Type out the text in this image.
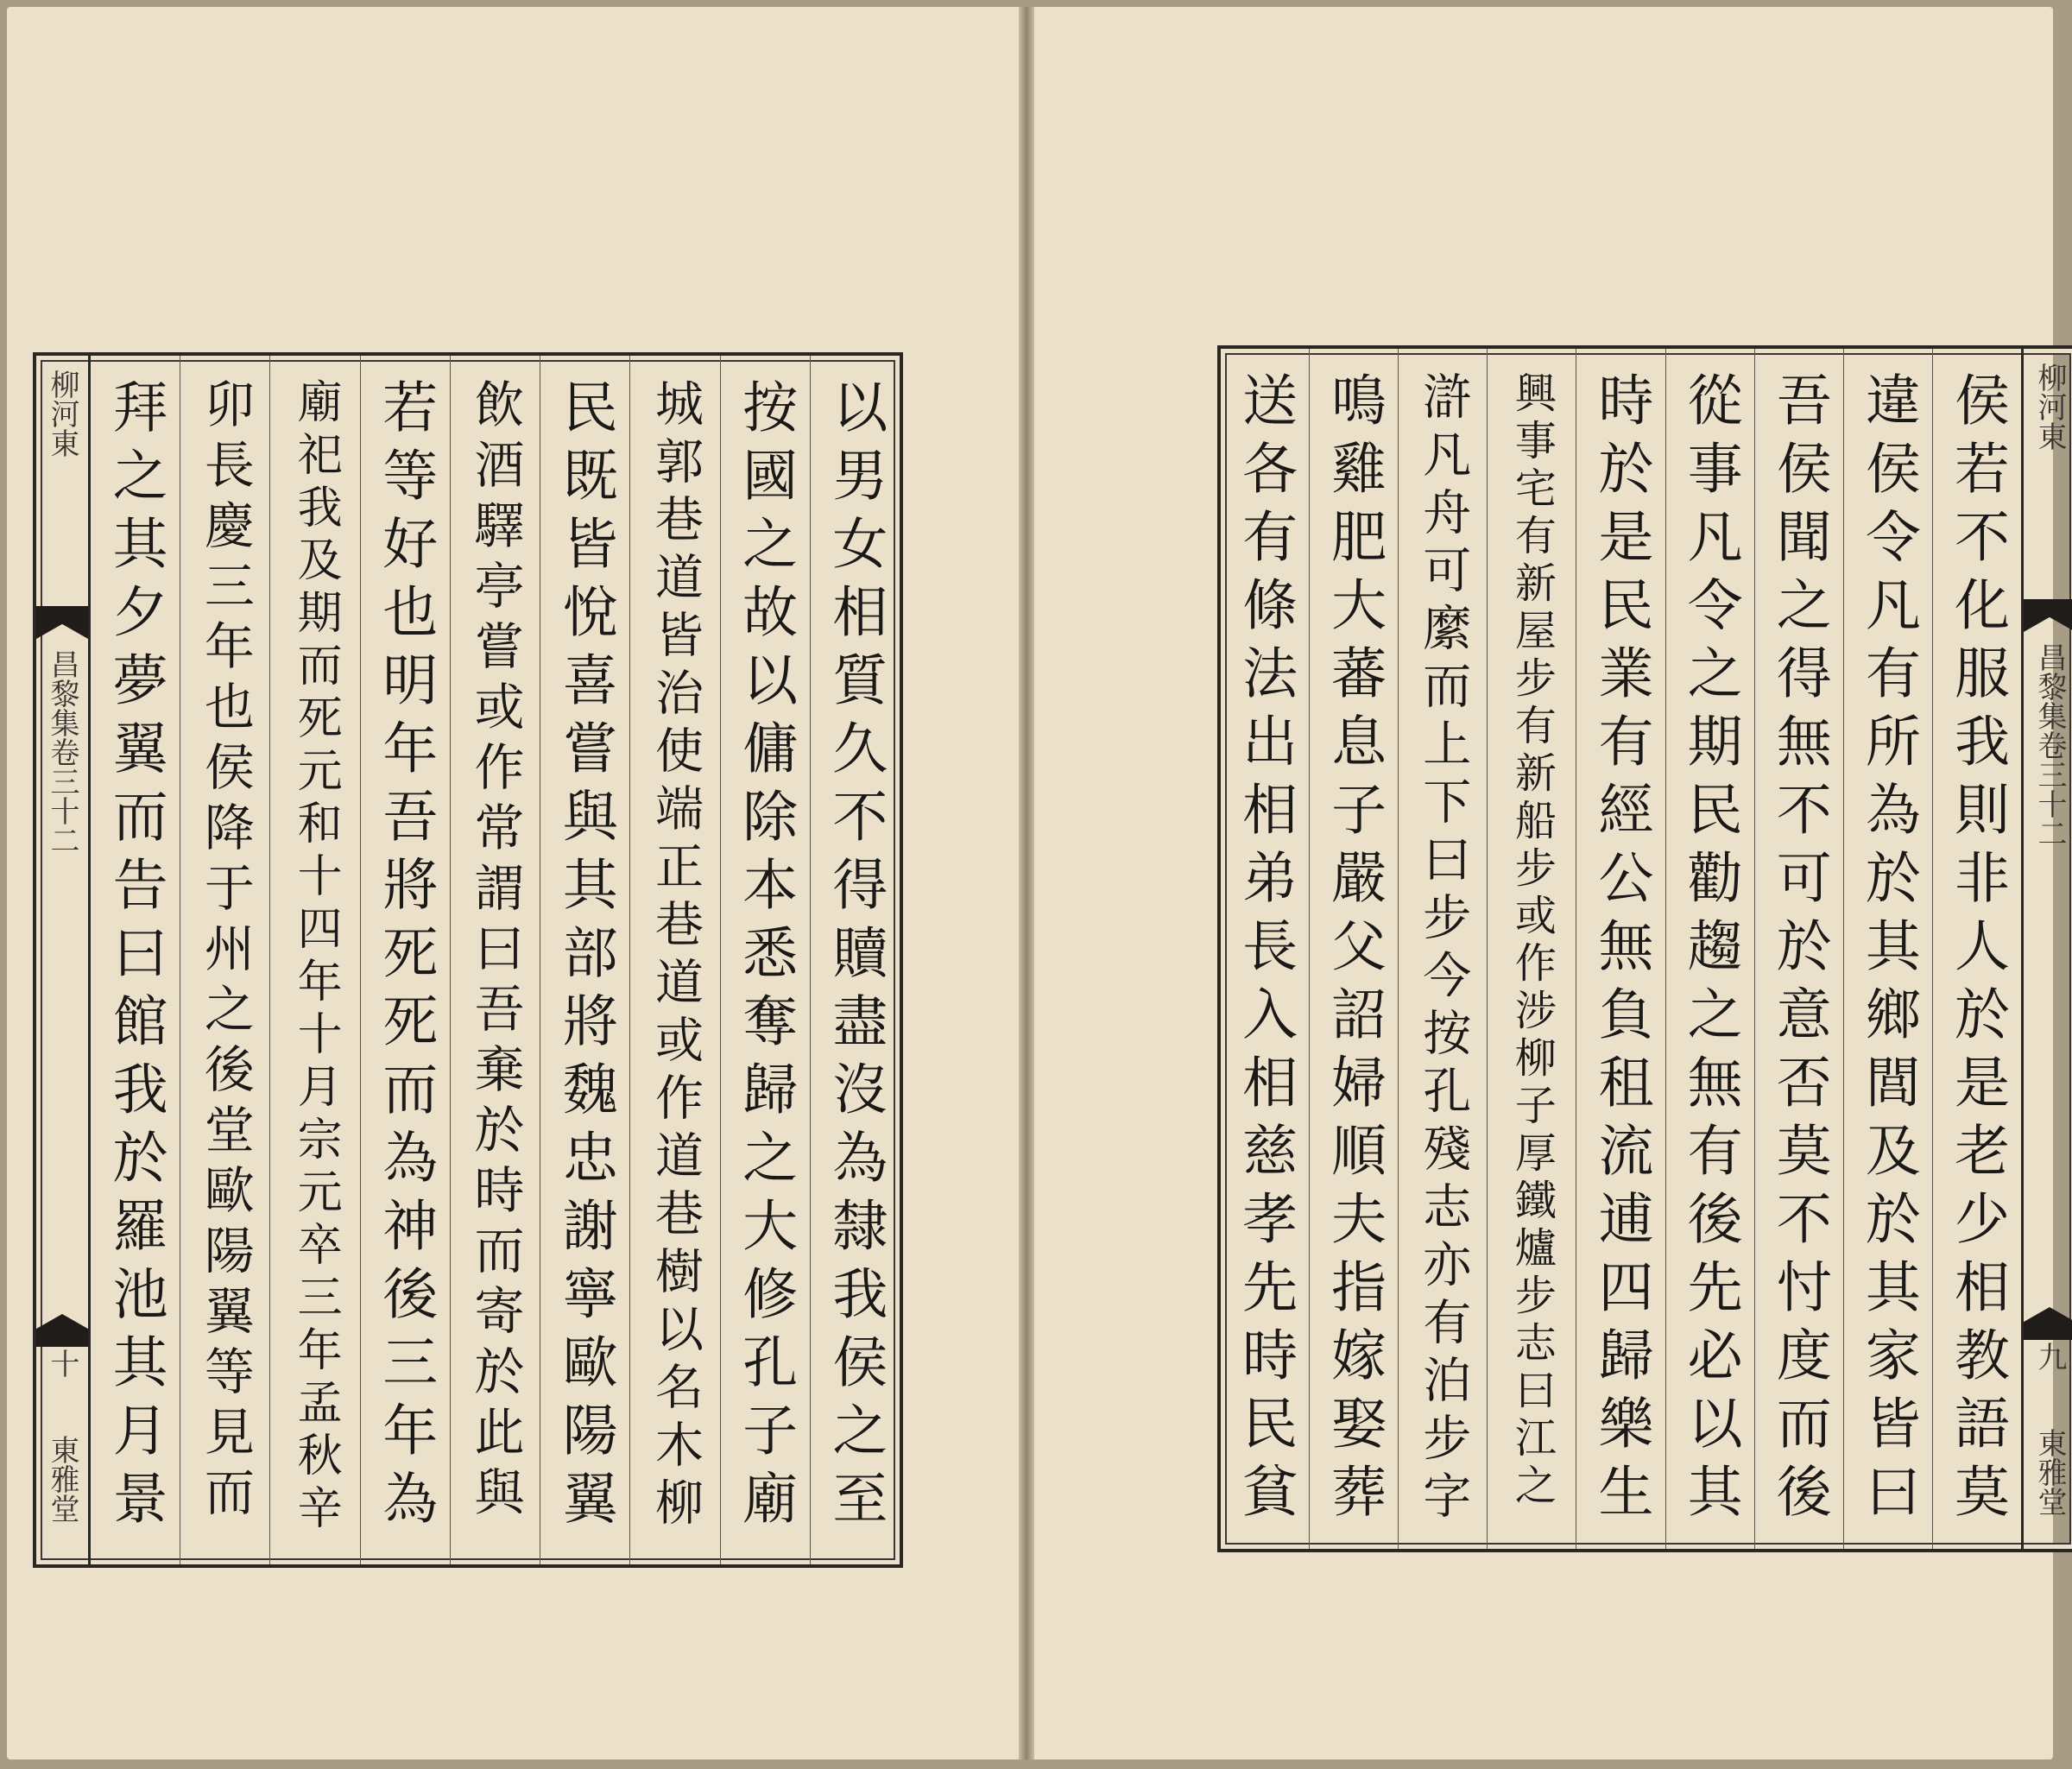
柳河東
昌黎集卷三十二
十
東雅堂	以男女相質久不得贖盡沒為隸我侯之至
按國之故以傭除本悉奪歸之大修孔子廟
城郭巷道皆治使端正巷道或作道巷樹以名木柳
民既皆悅喜嘗與其部將魏忠謝寧歐陽翼
飲酒驛亭嘗或作常謂曰吾棄於時而寄於此與
若等好也明年吾將死死而為神後三年為
廟祀我及期而死元和十四年十月宗元卒三年孟秋辛
卯長慶三年也侯降于州之後堂歐陽翼等見而
拜之其夕夢翼而告曰館我於羅池其月景	侯若不化服我則非人於是老少相教語莫
違侯令凡有所為於其鄉閭及於其家皆曰
吾侯聞之得無不可於意否莫不忖度而後
從事凡令之期民勸趨之無有後先必以其
時於是民業有經公無負租流逋四歸樂生
興事宅有新屋步有新船步或作涉柳子厚鐵爐步志曰江之
滸凡舟可縻而上下曰步今按孔殘志亦有泊步字
鳴雞肥大蕃息子嚴父詔婦順夫指嫁娶葬
送各有條法出相弟長入相慈孝先時民貧	柳河東
昌黎集卷三十二
九
東雅堂
